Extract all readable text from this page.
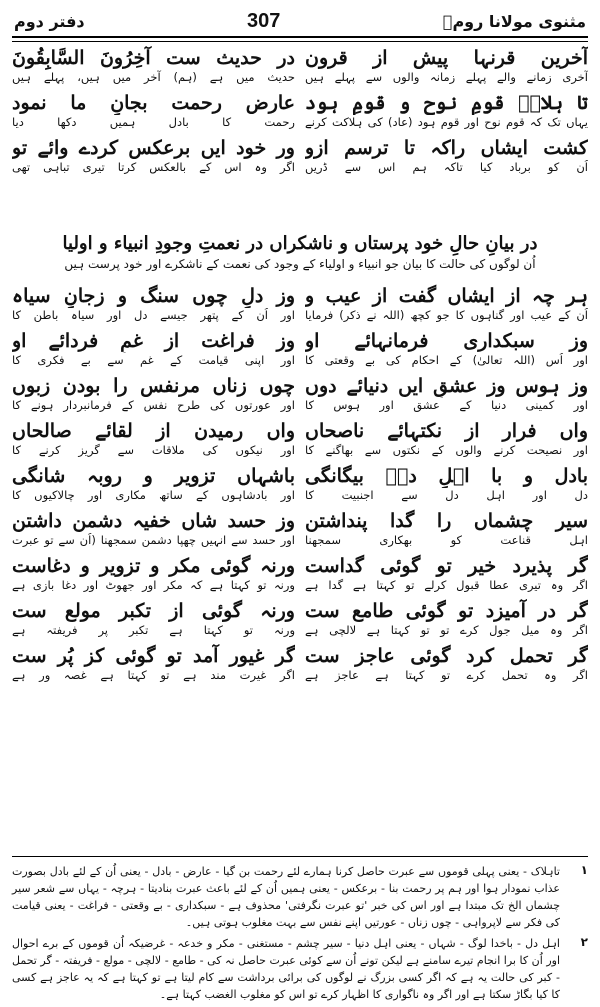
مثنوی مولانا رومؒ
307
دفتر دوم
آخرین قرنہا پیش از قرون
آخری زمانے والے پہلے زمانہ والوں سے پہلے ہیں
تا ہلاکؔ قومِ نوح و قومِ ہود
یہاں تک کہ قوم نوح اور قوم ہود (عاد) کی ہلاکت کرنے
کشت ایشاں راکہ تا ترسم ازو
اُن کو برباد کیا تاکہ ہم اس سے ڈریں
در حدیث ست آخِرُونَ السَّابِقُونَ
حدیث میں ہے (ہم) آخر میں ہیں، پہلے ہیں
عارض رحمت بجانِ ما نمود
رحمت کا بادل ہمیں دکھا دیا
ور خود ایں برعکس کردے وائے تو
اگر وہ اس کے بالعکس کرتا تیری تباہی تھی
در بیانِ حالِ خود پرستاں و ناشکراں در نعمتِ وجودِ انبیاء و اولیا
اُن لوگوں کی حالت کا بیان جو انبیاء و اولیاء کے وجود کی نعمت کے ناشکرے اور خود پرست ہیں
ہر چہ از ایشاں گفت از عیب و
اُن کے عیب اور گناہوں کا جو کچھ (اللہ نے ذکر) فرمایا
وز سبکداری فرمانہائے او
اور اُس (اللہ تعالیٰ) کے احکام کی بے وقعتی کا
وز ہوس وز عشقِ ایں دنیائے دوں
اور کمینی دنیا کے عشق اور ہوس کا
واں فرار از نکتہائے ناصحاں
اور نصیحت کرنے والوں کے نکتوں سے بھاگنے کا
بادل و با اہلِ دلؔ بیگانگی
دل اور اہل دل سے اجنبیت کا
سیر چشماں را گدا پنداشتن
اہل قناعت کو بھکاری سمجھنا
گر پذیرد خیر تو گوئی گداست
اگر وہ تیری عطا قبول کرلے تو کہتا ہے گدا ہے
گر در آمیزد تو گوئی طامع ست
اگر وہ میل جول کرے تو تو کہتا ہے لالچی ہے
گر تحمل کرد گوئی عاجز ست
اگر وہ تحمل کرے تو کہتا ہے عاجز ہے
وز دلِ چوں سنگ و زجانِ سیاہ
اور اُن کے پتھر جیسے دل اور سیاہ باطن کا
وز فراغت از غمِ فردائے او
اور اپنی قیامت کے غم سے بے فکری کا
چوں زناں مرنفس را بودن زبوں
اور عورتوں کی طرح نفس کے فرمانبردار ہونے کا
واں رمیدن از لقائے صالحاں
اور نیکوں کی ملاقات سے گریز کرنے کا
باشہاں تزویر و روبہ شانگی
اور بادشاہوں کے ساتھ مکاری اور چالاکیوں کا
وز حسد شاں خفیہ دشمن داشتن
اور حسد سے انہیں چھپا دشمن سمجھنا (اُن سے تو عبرت
ورنہ گوئی مکر و تزویر و دغاست
ورنہ تو کہتا ہے کہ مکر اور جھوٹ اور دغا بازی ہے
ورنہ گوئی از تکبر مولع ست
ورنہ تو کہتا ہے تکبر پر فریفتہ ہے
گر غیور آمد تو گوئی کز پُر ست
اگر غیرت مند ہے تو کہتا ہے غصہ ور ہے
۱
تاہلاک - یعنی پہلی قوموں سے عبرت حاصل کرنا ہمارے لئے رحمت بن گیا - عارض - بادل - یعنی اُن کے لئے بادل بصورت عذاب نمودار ہوا اور ہم پر رحمت بنا - برعکس - یعنی ہمیں اُن کے لئے باعث عبرت بنادیتا - ہرچہ - یہاں سے شعر سیر چشماں الخ تک مبتدا ہے اور اس کی خبر 'تو عبرت نگرفتی' محذوف ہے - سبکداری - بے وقعتی - فراغت - یعنی قیامت کی فکر سے لاپرواہی - چوں زناں - عورتیں اپنے نفس سے بہت مغلوب ہوتی ہیں۔
۲
اہل دل - باخدا لوگ - شہاں - یعنی اہل دنیا - سیر چشم - مستغنی - مکر و خدعہ - غرضیکہ اُن قوموں کے برے احوال اور اُن کا برا انجام تیرے سامنے ہے لیکن تونے اُن سے کوئی عبرت حاصل نہ کی - طامع - لالچی - مولع - فریفتہ - گر تحمل - کبر کی حالت یہ ہے کہ اگر کسی بزرگ نے لوگوں کی برائی برداشت سے کام لیتا ہے تو کہتا ہے کہ یہ عاجز ہے کسی کا کیا بگاڑ سکتا ہے اور اگر وہ ناگواری کا اظہار کرے تو اس کو مغلوب الغضب کہتا ہے۔
